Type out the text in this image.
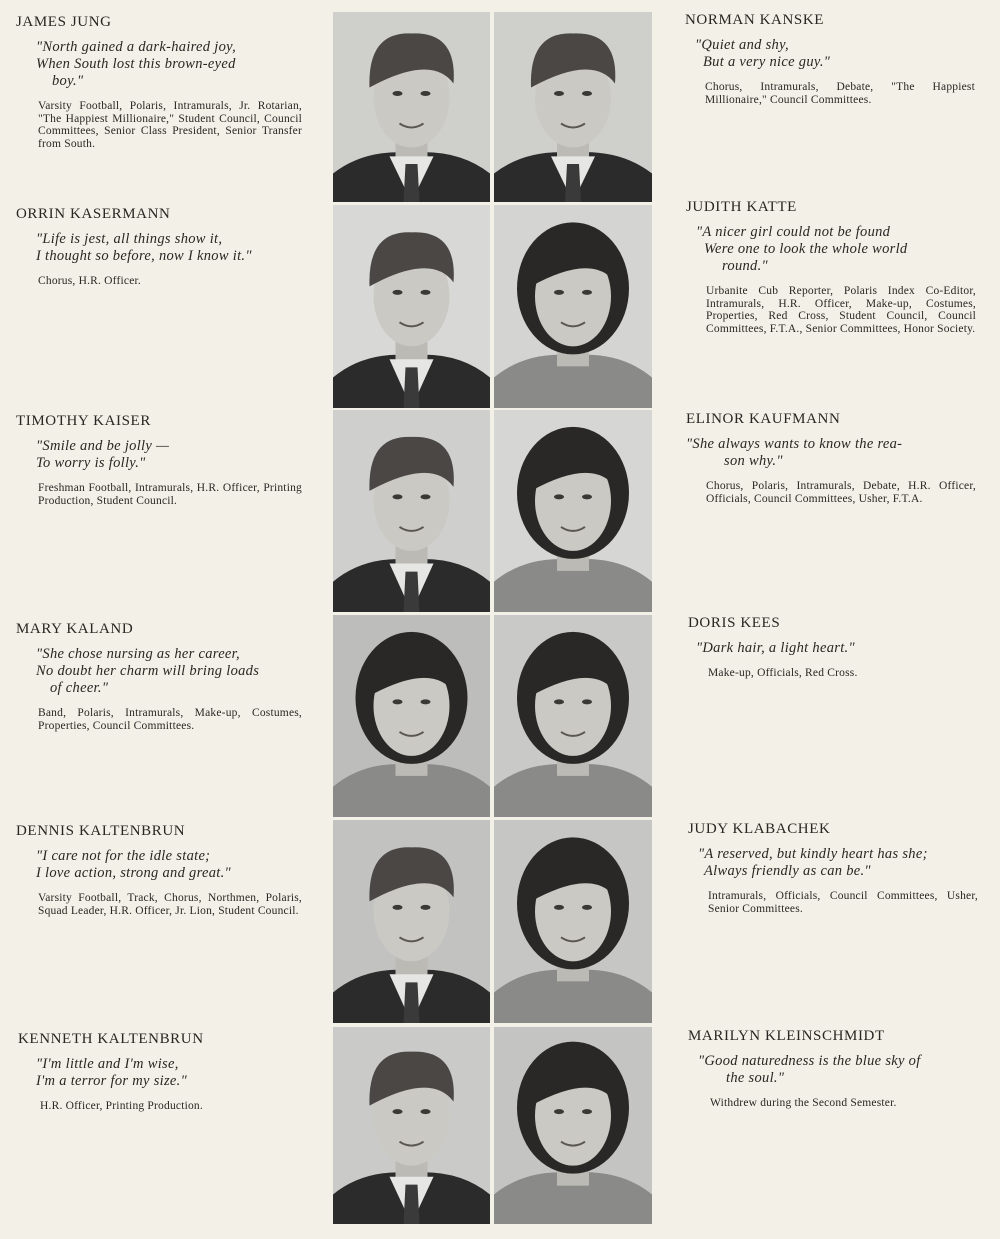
JAMES JUNG
"North gained a dark-haired joy,
When South lost this brown-eyed
boy."
Varsity Football, Polaris, Intramurals, Jr. Rotarian, "The Happiest Millionaire," Student Council, Council Committees, Senior Class President, Senior Transfer from South.
ORRIN KASERMANN
"Life is jest, all things show it,
I thought so before, now I know it."
Chorus, H.R. Officer.
TIMOTHY KAISER
"Smile and be jolly —
To worry is folly."
Freshman Football, Intramurals, H.R. Officer, Printing Production, Student Council.
MARY KALAND
"She chose nursing as her career,
No doubt her charm will bring loads
of cheer."
Band, Polaris, Intramurals, Make-up, Costumes, Properties, Council Committees.
DENNIS KALTENBRUN
"I care not for the idle state;
I love action, strong and great."
Varsity Football, Track, Chorus, Northmen, Polaris, Squad Leader, H.R. Officer, Jr. Lion, Student Council.
KENNETH KALTENBRUN
"I'm little and I'm wise,
I'm a terror for my size."
H.R. Officer, Printing Production.
NORMAN KANSKE
"Quiet and shy,
But a very nice guy."
Chorus, Intramurals, Debate, "The Happiest Millionaire," Council Committees.
JUDITH KATTE
"A nicer girl could not be found
Were one to look the whole world
round."
Urbanite Cub Reporter, Polaris Index Co-Editor, Intramurals, H.R. Officer, Make-up, Costumes, Properties, Red Cross, Student Council, Council Committees, F.T.A., Senior Committees, Honor Society.
ELINOR KAUFMANN
"She always wants to know the rea-
son why."
Chorus, Polaris, Intramurals, Debate, H.R. Officer, Officials, Council Committees, Usher, F.T.A.
DORIS KEES
"Dark hair, a light heart."
Make-up, Officials, Red Cross.
JUDY KLABACHEK
"A reserved, but kindly heart has she;
Always friendly as can be."
Intramurals, Officials, Council Committees, Usher, Senior Committees.
MARILYN KLEINSCHMIDT
"Good naturedness is the blue sky of
the soul."
Withdrew during the Second Semester.
